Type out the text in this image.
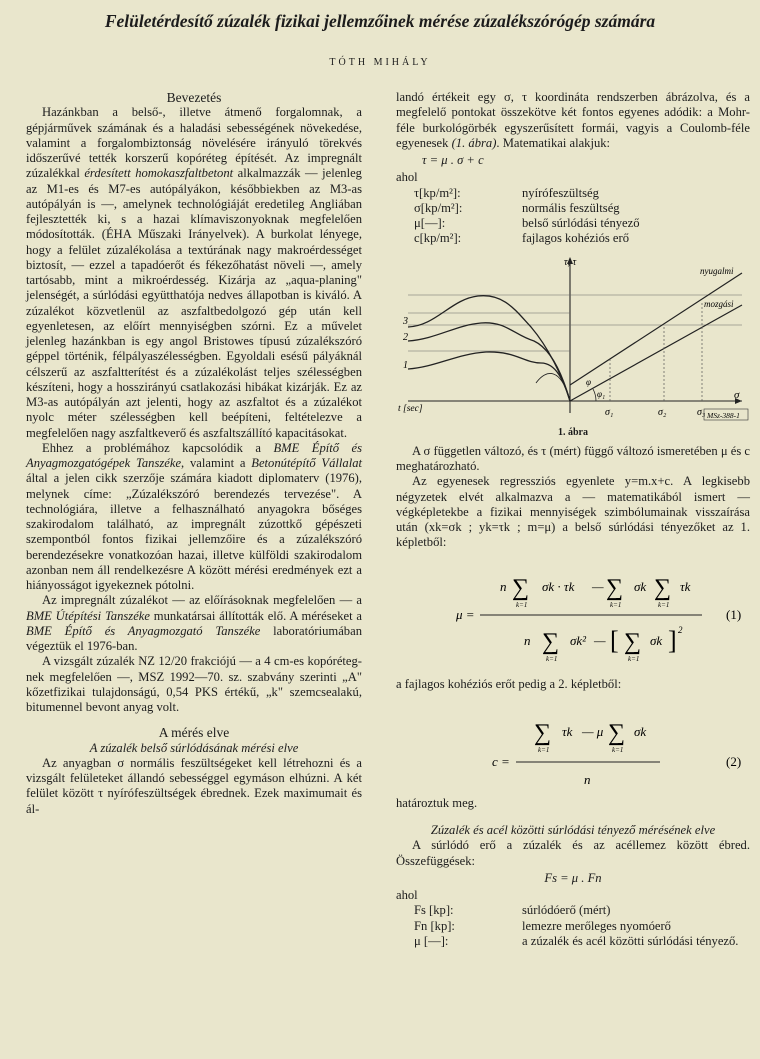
Felületérdesítő zúzalék fizikai jellemzőinek mérése zúzalékszórógép számára
TÓTH MIHÁLY
Bevezetés

Hazánkban a belső-, illetve átmenő forgalomnak, a gépjárművek számának és a haladási sebességének növekedése, valamint a forgalombiztonság növelésére irányuló törekvés időszerűvé tették korszerű kopóréteg építését. Az impregnált zúzalékkal érdesített homokaszfaltbetont alkalmazzák — jelenleg az M1-es és M7-es autópályákon, későbbiekben az M3-as autópályán is —, amelynek technológiáját eredetileg Angliában fejlesztették ki, s a hazai klímaviszonyoknak megfelelően módosították. (ÉHA Műszaki Irányelvek). A burkolat lényege, hogy a felület zúzalékolása a textúrának nagy makroérdességet biztosít, — ezzel a tapadóerőt és fékezőhatást növeli —, amely tartósabb, mint a mikroérdesség. Kizárja az „aqua-planing" jelenségét, a súrlódási együtthatója nedves állapotban is kiváló. A zúzalékot közvetlenül az aszfaltbedolgozó gép után kell egyenletesen, az előírt mennyiségben szórni. Ez a művelet jelenleg hazánkban is egy angol Bristowes típusú zúzalékszóró géppel történik, félpályaszélességben. Egyoldali esésű pályáknál célszerű az aszfaltterítést és a zúzalékolást teljes szélességben készíteni, hogy a hosszirányú csatlakozási hibákat kizárják. Ez az M3-as autópályán azt jelenti, hogy az aszfaltot és a zúzalékot nyolc méter szélességben kell beépíteni, feltételezve a megfelelően nagy aszfaltkeverő és aszfaltszállító kapacitásokat.

Ehhez a problémához kapcsolódik a BME Építő és Anyagmozgatógépek Tanszéke, valamint a Betonútépítő Vállalat által a jelen cikk szerzője számára kiadott diplomaterv (1976), melynek címe: „Zúzalékszóró berendezés tervezése". A technológiára, illetve a felhasználható anyagokra bőséges szakirodalom található, az impregnált zúzottkő gépészeti szempontból fontos fizikai jellemzőire és a zúzalékszóró berendezésekre vonatkozóan hazai, illetve külföldi szakirodalom azonban nem áll rendelkezésre A között mérési eredmények ezt a hiányosságot igyekeznek pótolni.

Az impregnált zúzalékot — az előírásoknak megfelelően — a BME Útépítési Tanszéke munkatársai állították elő. A méréseket a BME Építő és Anyagmozgató Tanszéke laboratóriumában végeztük el 1976-ban.

A vizsgált zúzalék NZ 12/20 frakciójú — a 4 cm-es kopórétegnek megfelelően —, MSZ 1992—70. sz. szabvány szerinti „A" kőzetfizikai tulajdonságú, 0,54 PKS értékű, „k" szemcsealakú, bitumennel bevont anyag volt.

A mérés elve
A zúzalék belső súrlódásának mérési elve

Az anyagban σ normális feszültségeket kell létrehozni és a vizsgált felületeket állandó sebességgel egymáson elhúzni. A két felület között τ nyírófeszültségek ébrednek. Ezek maximumait és ál-

landó értékeit egy σ, τ koordináta rendszerben ábrázolva, és a megfelelő pontokat összekötve két fontos egyenes adódik: a Mohr-féle burkológörbék egyszerűsített formái, vagyis a Coulomb-féle egyenesek (1. ábra). Matematikai alakjuk:

τ = μ . σ + c
ahol
τ[kp/m²]:	nyírófeszültség
σ[kp/m²]:	normális feszültség
μ[—]:	belső súrlódási tényező
c[kp/m²]:	fajlagos kohéziós erő
τ, τ
σ
t [sec]
1
2
3
nyugalmi
mozgási
σ₁	σ₂	σ₃
φ₁
φ
MSz-388-1
1. ábra

A σ független változó, és τ (mért) függő változó ismeretében μ és c meghatározható.

Az egyenesek regressziós egyenlete y=m.x+c. A legkisebb négyzetek elvét alkalmazva a — matematikából ismert — végképletekbe a fizikai mennyiségek szimbólumainak visszaírása után (xk=σk ; yk=τk ; m=μ) a belső súrlódási tényezőket az 1. képletből:

μ =
n ∑ σk · τk — ∑ σk ∑ τk
k=1	k=1	k=1
n ∑ σk² — [ ∑ σk ] 2
k=1	k=1
(1)

a fajlagos kohéziós erőt pedig a 2. képletből:

c =
∑ τk — μ ∑ σk
k=1	k=1
n
(2)

határoztuk meg.

Zúzalék és acél közötti súrlódási tényező mérésének elve

A súrlódó erő a zúzalék és az acéllemez között ébred. Összefüggések:

Fs = μ . Fn
ahol
Fs [kp]:	súrlódóerő (mért)
Fn [kp]:	lemezre merőleges nyomóerő
μ [—]:	a zúzalék és acél közötti súrlódási tényező.
